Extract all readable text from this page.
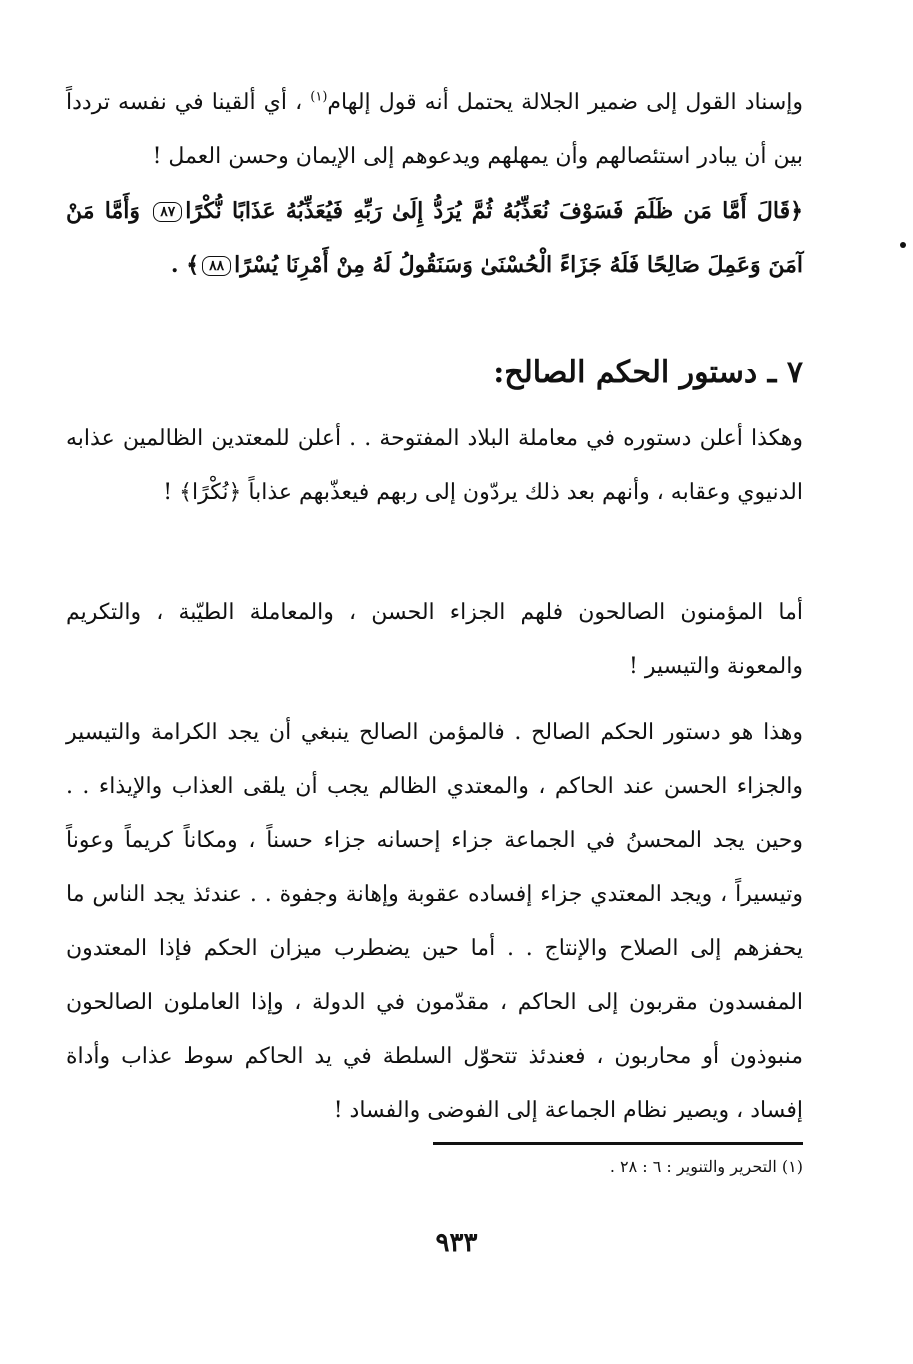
وإسناد القول إلى ضمير الجلالة يحتمل أنه قول إلهام$^{(١)}$ ، أي ألقينا في نفسه تردداً بين أن يبادر استئصالهم وأن يمهلهم ويدعوهم إلى الإيمان وحسن العمل !
﴿قَالَ أَمَّا مَن ظَلَمَ فَسَوْفَ نُعَذِّبُهُ ثُمَّ يُرَدُّ إِلَىٰ رَبِّهِ فَيُعَذِّبُهُ عَذَابًا نُّكْرًا٨٧ وَأَمَّا مَنْ آمَنَ وَعَمِلَ صَالِحًا فَلَهُ جَزَاءً الْحُسْنَىٰ وَسَنَقُولُ لَهُ مِنْ أَمْرِنَا يُسْرًا٨٨﴾ .
٧ ـ دستور الحكم الصالح:
وهكذا أعلن دستوره في معاملة البلاد المفتوحة . . أعلن للمعتدين الظالمين عذابه الدنيوي وعقابه ، وأنهم بعد ذلك يردّون إلى ربهم فيعذّبهم عذاباً ﴿نُكْرًا﴾ !
أما المؤمنون الصالحون فلهم الجزاء الحسن ، والمعاملة الطيّبة ، والتكريم والمعونة والتيسير !
وهذا هو دستور الحكم الصالح . فالمؤمن الصالح ينبغي أن يجد الكرامة والتيسير والجزاء الحسن عند الحاكم ، والمعتدي الظالم يجب أن يلقى العذاب والإيذاء . . وحين يجد المحسنُ في الجماعة جزاء إحسانه جزاء حسناً ، ومكاناً كريماً وعوناً وتيسيراً ، ويجد المعتدي جزاء إفساده عقوبة وإهانة وجفوة . . عندئذ يجد الناس ما يحفزهم إلى الصلاح والإنتاج . . أما حين يضطرب ميزان الحكم فإذا المعتدون المفسدون مقربون إلى الحاكم ، مقدّمون في الدولة ، وإذا العاملون الصالحون منبوذون أو محاربون ، فعندئذ تتحوّل السلطة في يد الحاكم سوط عذاب وأداة إفساد ، ويصير نظام الجماعة إلى الفوضى والفساد !
(١) التحرير والتنوير : ٦ : ٢٨ .
٩٣٣
